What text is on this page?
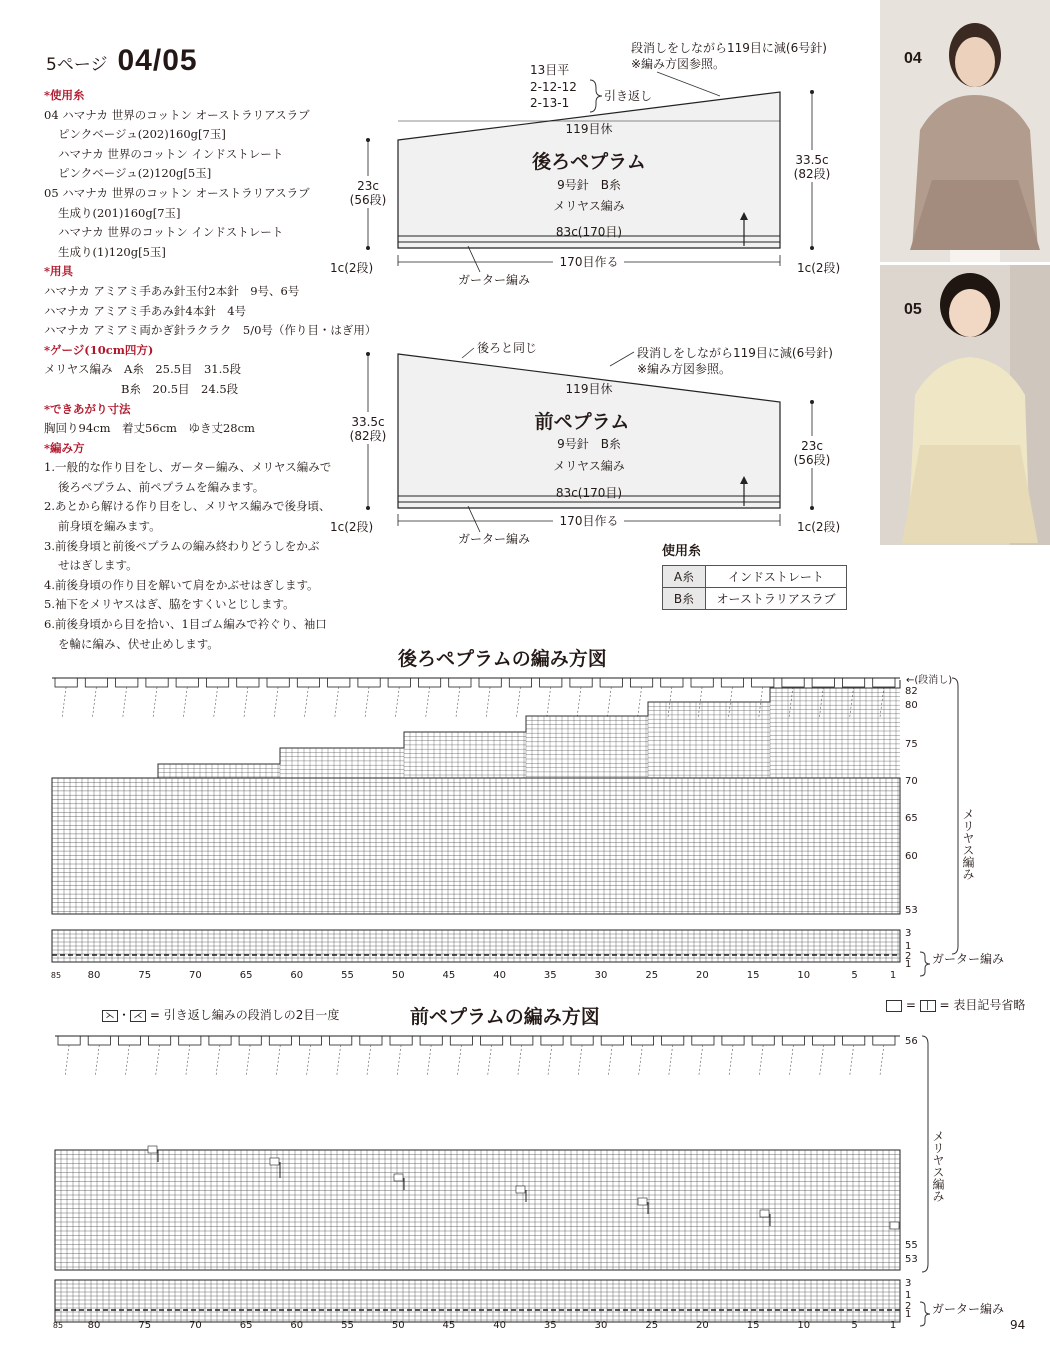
5ページ 04/05
*使用糸
04 ハマナカ 世界のコットン オーストラリアスラブ
ピンクベージュ(202)160g[7玉]
ハマナカ 世界のコットン インドストレート
ピンクベージュ(2)120g[5玉]
05 ハマナカ 世界のコットン オーストラリアスラブ
生成り(201)160g[7玉]
ハマナカ 世界のコットン インドストレート
生成り(1)120g[5玉]
*用具
ハマナカ アミアミ手あみ針玉付2本針　9号、6号
ハマナカ アミアミ手あみ針4本針　4号
ハマナカ アミアミ両かぎ針ラクラク　5/0号（作り目・はぎ用）
*ゲージ(10cm四方)
メリヤス編み　A糸　25.5目　31.5段
B糸　20.5目　24.5段
*できあがり寸法
胸回り94cm　着丈56cm　ゆき丈28cm
*編み方
1.一般的な作り目をし、ガーター編み、メリヤス編みで
後ろペプラム、前ペプラムを編みます。
2.あとから解ける作り目をし、メリヤス編みで後身頃、
前身頃を編みます。
3.前後身頃と前後ペプラムの編み終わりどうしをかぶ
せはぎします。
4.前後身頃の作り目を解いて肩をかぶせはぎします。
5.袖下をメリヤスはぎ、脇をすくいとじします。
6.前後身頃から目を拾い、1目ゴム編みで衿ぐり、袖口
を輪に編み、伏せ止めします。
段消しをしながら119目に減(6号針)
※編み方図参照。
13目平
2-12-12
2-13-1	引き返し
119目休
後ろペプラム
9号針　B糸
メリヤス編み
83c(170目)
170目作る
ガーター編み
23c
(56段)
33.5c
(82段)
1c(2段)	1c(2段)
後ろと同じ	段消しをしながら119目に減(6号針)
※編み方図参照。
119目休
前ペプラム
9号針　B糸
メリヤス編み
83c(170目)
170目作る
ガーター編み
33.5c
(82段)
23c
(56段)
1c(2段)	1c(2段)
使用糸
A糸	インドストレート
B糸	オーストラリアスラブ
04
05
後ろペプラムの編み方図
前ペプラムの編み方図
⋋ ・ ⋌ = 引き返し編みの段消しの2目一度
= | = 表目記号省略
←(段消し)
82
80
75
70
65
60
53
3
1
2
1
メリヤス編み
ガーター編み
85	80	75	70	65	60	55	50	45	40	35	30	25	20	15	10	5	1
56
55
53
3
1
2
1
メリヤス編み
ガーター編み
85 80	75	70	65	60	55	50	45	40	35	30	25	20	15	10	5	1	94
